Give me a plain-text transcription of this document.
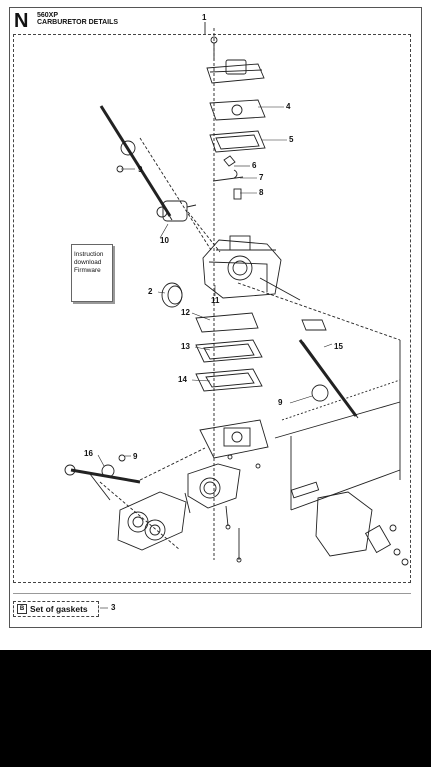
N 560XP
CARBURETOR DETAILS
Instruction
download
Firmware
1
4
5
6
7
8
9
10
2
11
12
13	15
14
9
16	9
B Set of gaskets	3
